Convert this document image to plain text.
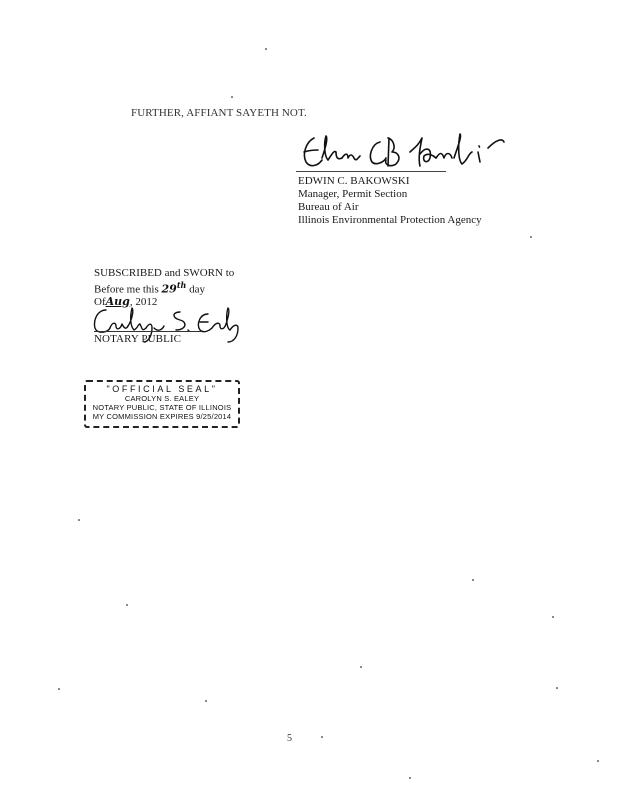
FURTHER, AFFIANT SAYETH NOT.
EDWIN C. BAKOWSKI
Manager, Permit Section
Bureau of Air
Illinois Environmental Protection Agency
SUBSCRIBED and SWORN to
Before me this 29th day
OfAug, 2012
NOTARY PUBLIC
"OFFICIAL SEAL"
CAROLYN S. EALEY
NOTARY PUBLIC, STATE OF ILLINOIS
MY COMMISSION EXPIRES 9/25/2014
5
